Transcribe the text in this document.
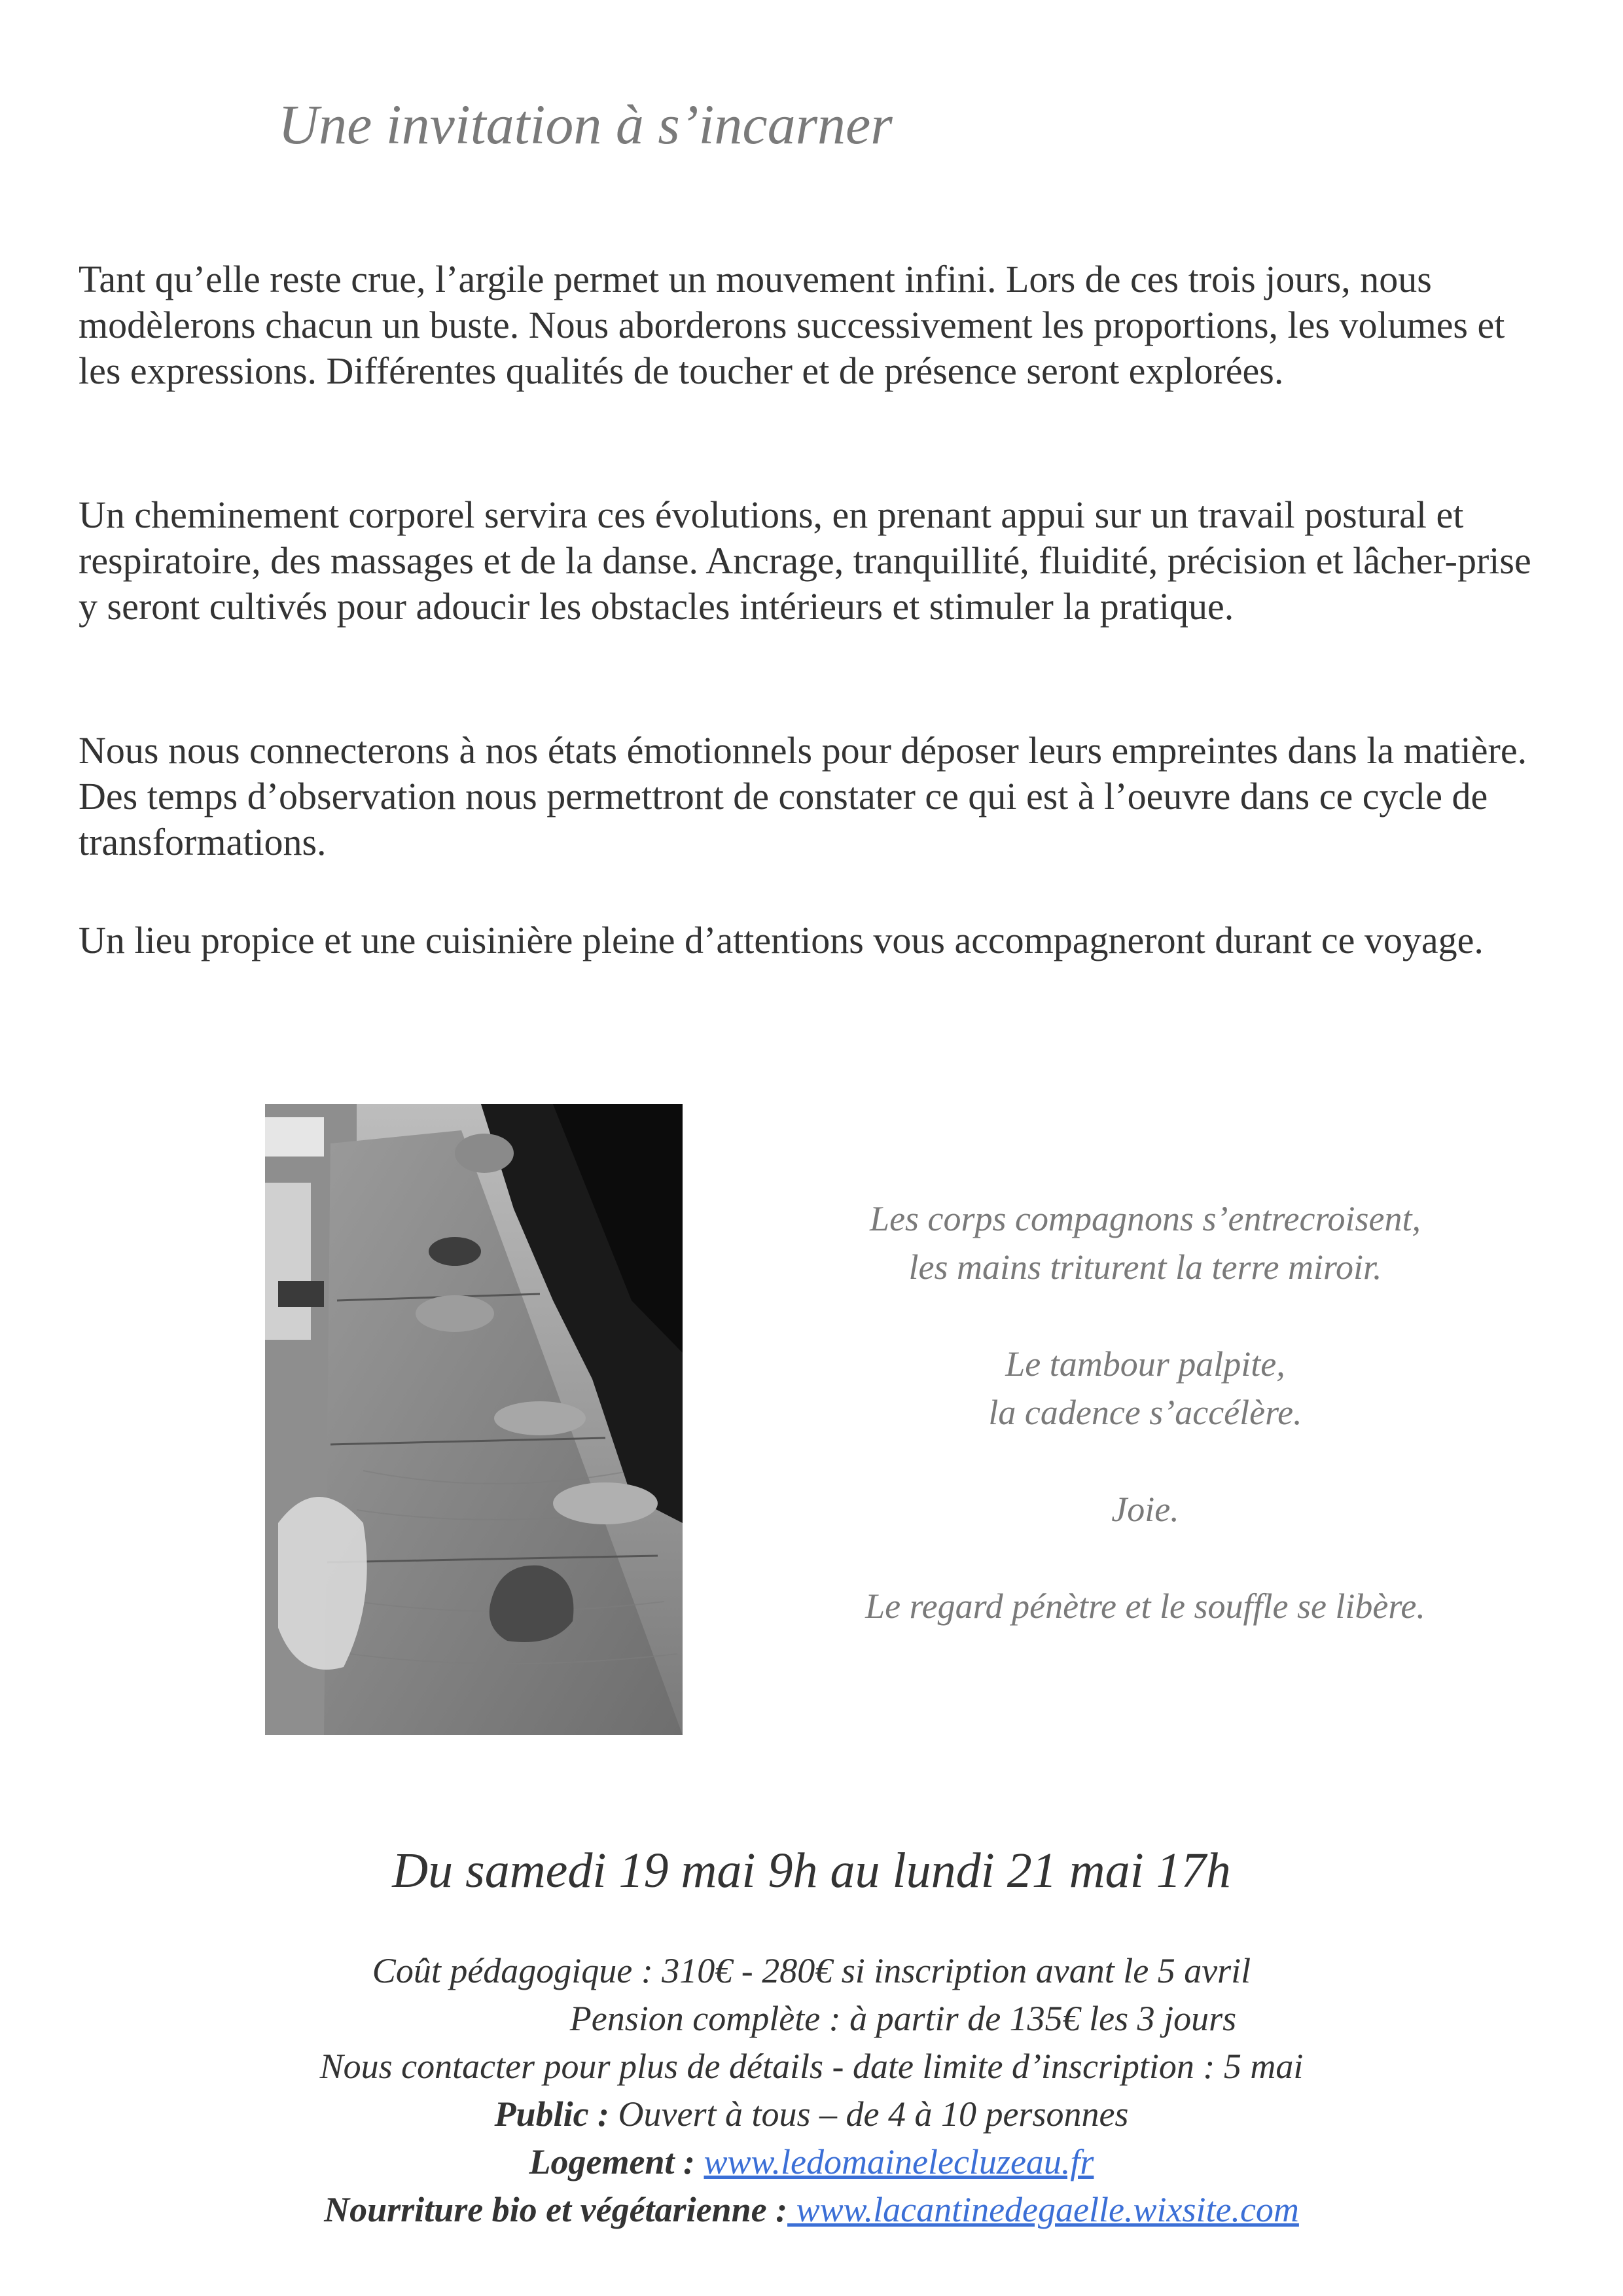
Une invitation à s’incarner

Tant qu’elle reste crue, l’argile permet un mouvement infini. Lors de ces trois jours, nous modèlerons chacun un buste. Nous aborderons successivement les proportions, les volumes et les expressions. Différentes qualités de toucher et de présence seront explorées.

Un cheminement corporel servira ces évolutions, en prenant appui sur un travail postural et respiratoire, des massages et de la danse. Ancrage, tranquillité, fluidité, précision et lâcher-prise y seront cultivés pour adoucir les obstacles intérieurs et stimuler la pratique.

Nous nous connecterons à nos états émotionnels pour déposer leurs empreintes dans la matière. Des temps d’observation nous permettront de constater ce qui est à l’oeuvre dans ce cycle de transformations.

Un lieu propice et une cuisinière pleine d’attentions vous accompagneront durant ce voyage.

Les corps compagnons s’entrecroisent,
les mains triturent la terre miroir.
Le tambour palpite,
la cadence s’accélère.
Joie.
Le regard pénètre et le souffle se libère.
Du samedi 19 mai 9h au lundi 21 mai 17h
Coût pédagogique : 310€ - 280€ si inscription avant le 5 avril
Pension complète : à partir de 135€ les 3 jours
Nous contacter pour plus de détails - date limite d’inscription : 5 mai
Public : Ouvert à tous – de 4 à 10 personnes
Logement : www.ledomainelecluzeau.fr
Nourriture bio et végétarienne : www.lacantinedegaelle.wixsite.com
